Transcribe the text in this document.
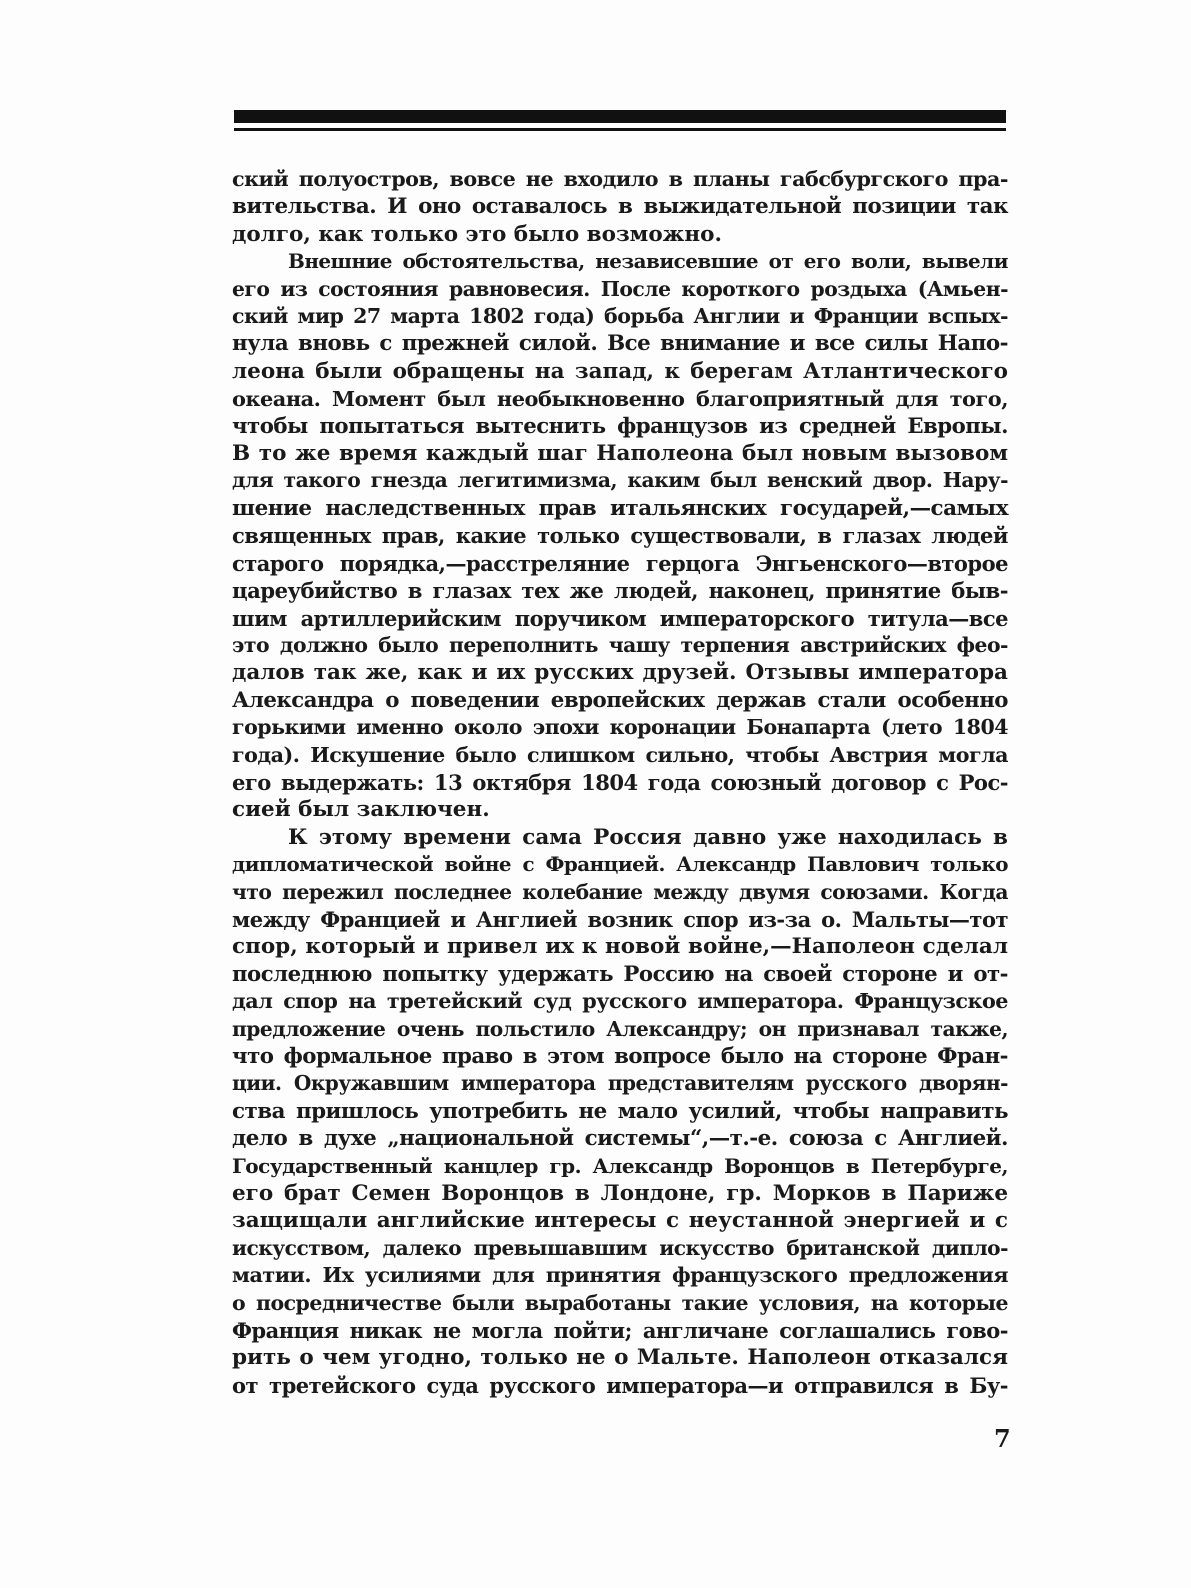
ский полуостров, вовсе не входило в планы габсбургского пра-
вительства. И оно оставалось в выжидательной позиции так
долго, как только это было возможно.
Внешние обстоятельства, независевшие от его воли, вывели
его из состояния равновесия. После короткого роздыха (Амьен-
ский мир 27 марта 1802 года) борьба Англии и Франции вспых-
нула вновь с прежней силой. Все внимание и все силы Напо-
леона были обращены на запад, к берегам Атлантического
океана. Момент был необыкновенно благоприятный для того,
чтобы попытаться вытеснить французов из средней Европы.
В то же время каждый шаг Наполеона был новым вызовом
для такого гнезда легитимизма, каким был венский двор. Нару-
шение наследственных прав итальянских государей,—самых
священных прав, какие только существовали, в глазах людей
старого порядка,—расстреляние герцога Энгьенского—второе
цареубийство в глазах тех же людей, наконец, принятие быв-
шим артиллерийским поручиком императорского титула—все
это должно было переполнить чашу терпения австрийских фео-
далов так же, как и их русских друзей. Отзывы императора
Александра о поведении европейских держав стали особенно
горькими именно около эпохи коронации Бонапарта (лето 1804
года). Искушение было слишком сильно, чтобы Австрия могла
его выдержать: 13 октября 1804 года союзный договор с Рос-
сией был заключен.
К этому времени сама Россия давно уже находилась в
дипломатической войне с Францией. Александр Павлович только
что пережил последнее колебание между двумя союзами. Когда
между Францией и Англией возник спор из-за о. Мальты—тот
спор, который и привел их к новой войне,—Наполеон сделал
последнюю попытку удержать Россию на своей стороне и от-
дал спор на третейский суд русского императора. Французское
предложение очень польстило Александру; он признавал также,
что формальное право в этом вопросе было на стороне Фран-
ции. Окружавшим императора представителям русского дворян-
ства пришлось употребить не мало усилий, чтобы направить
дело в духе „национальной системы“,—т.-е. союза с Англией.
Государственный канцлер гр. Александр Воронцов в Петербурге,
его брат Семен Воронцов в Лондоне, гр. Морков в Париже
защищали английские интересы с неустанной энергией и с
искусством, далеко превышавшим искусство британской дипло-
матии. Их усилиями для принятия французского предложения
о посредничестве были выработаны такие условия, на которые
Франция никак не могла пойти; англичане соглашались гово-
рить о чем угодно, только не о Мальте. Наполеон отказался
от третейского суда русского императора—и отправился в Бу-
7
